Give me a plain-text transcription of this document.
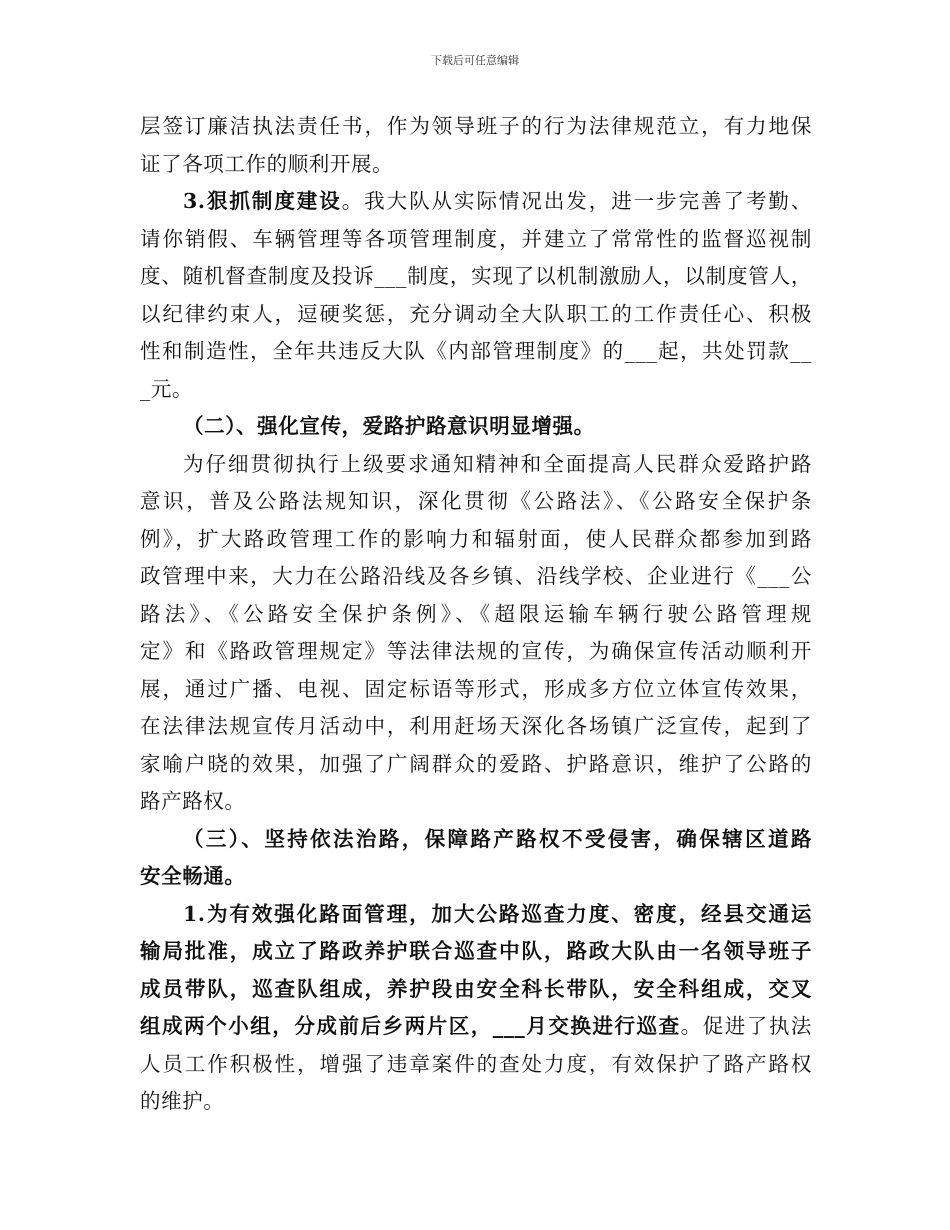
下载后可任意编辑
层签订廉洁执法责任书，作为领导班子的行为法律规范立，有力地保
证了各项工作的顺利开展。
3.狠抓制度建设。我大队从实际情况出发，进一步完善了考勤、
请你销假、车辆管理等各项管理制度，并建立了常常性的监督巡视制
度、随机督查制度及投诉___制度，实现了以机制激励人，以制度管人，
以纪律约束人，逗硬奖惩，充分调动全大队职工的工作责任心、积极
性和制造性，全年共违反大队《内部管理制度》的___起，共处罚款__
_元。
（二）、强化宣传，爱路护路意识明显增强。
为仔细贯彻执行上级要求通知精神和全面提高人民群众爱路护路
意识，普及公路法规知识，深化贯彻《公路法》、《公路安全保护条
例》，扩大路政管理工作的影响力和辐射面，使人民群众都参加到路
政管理中来，大力在公路沿线及各乡镇、沿线学校、企业进行《___公
路法》、《公路安全保护条例》、《超限运输车辆行驶公路管理规
定》和《路政管理规定》等法律法规的宣传，为确保宣传活动顺利开
展，通过广播、电视、固定标语等形式，形成多方位立体宣传效果，
在法律法规宣传月活动中，利用赶场天深化各场镇广泛宣传，起到了
家喻户晓的效果，加强了广阔群众的爱路、护路意识，维护了公路的
路产路权。
（三）、坚持依法治路，保障路产路权不受侵害，确保辖区道路
安全畅通。
1.为有效强化路面管理，加大公路巡查力度、密度，经县交通运
输局批准，成立了路政养护联合巡查中队，路政大队由一名领导班子
成员带队，巡查队组成，养护段由安全科长带队，安全科组成，交叉
组成两个小组，分成前后乡两片区，___月交换进行巡查。促进了执法
人员工作积极性，增强了违章案件的查处力度，有效保护了路产路权
的维护。
